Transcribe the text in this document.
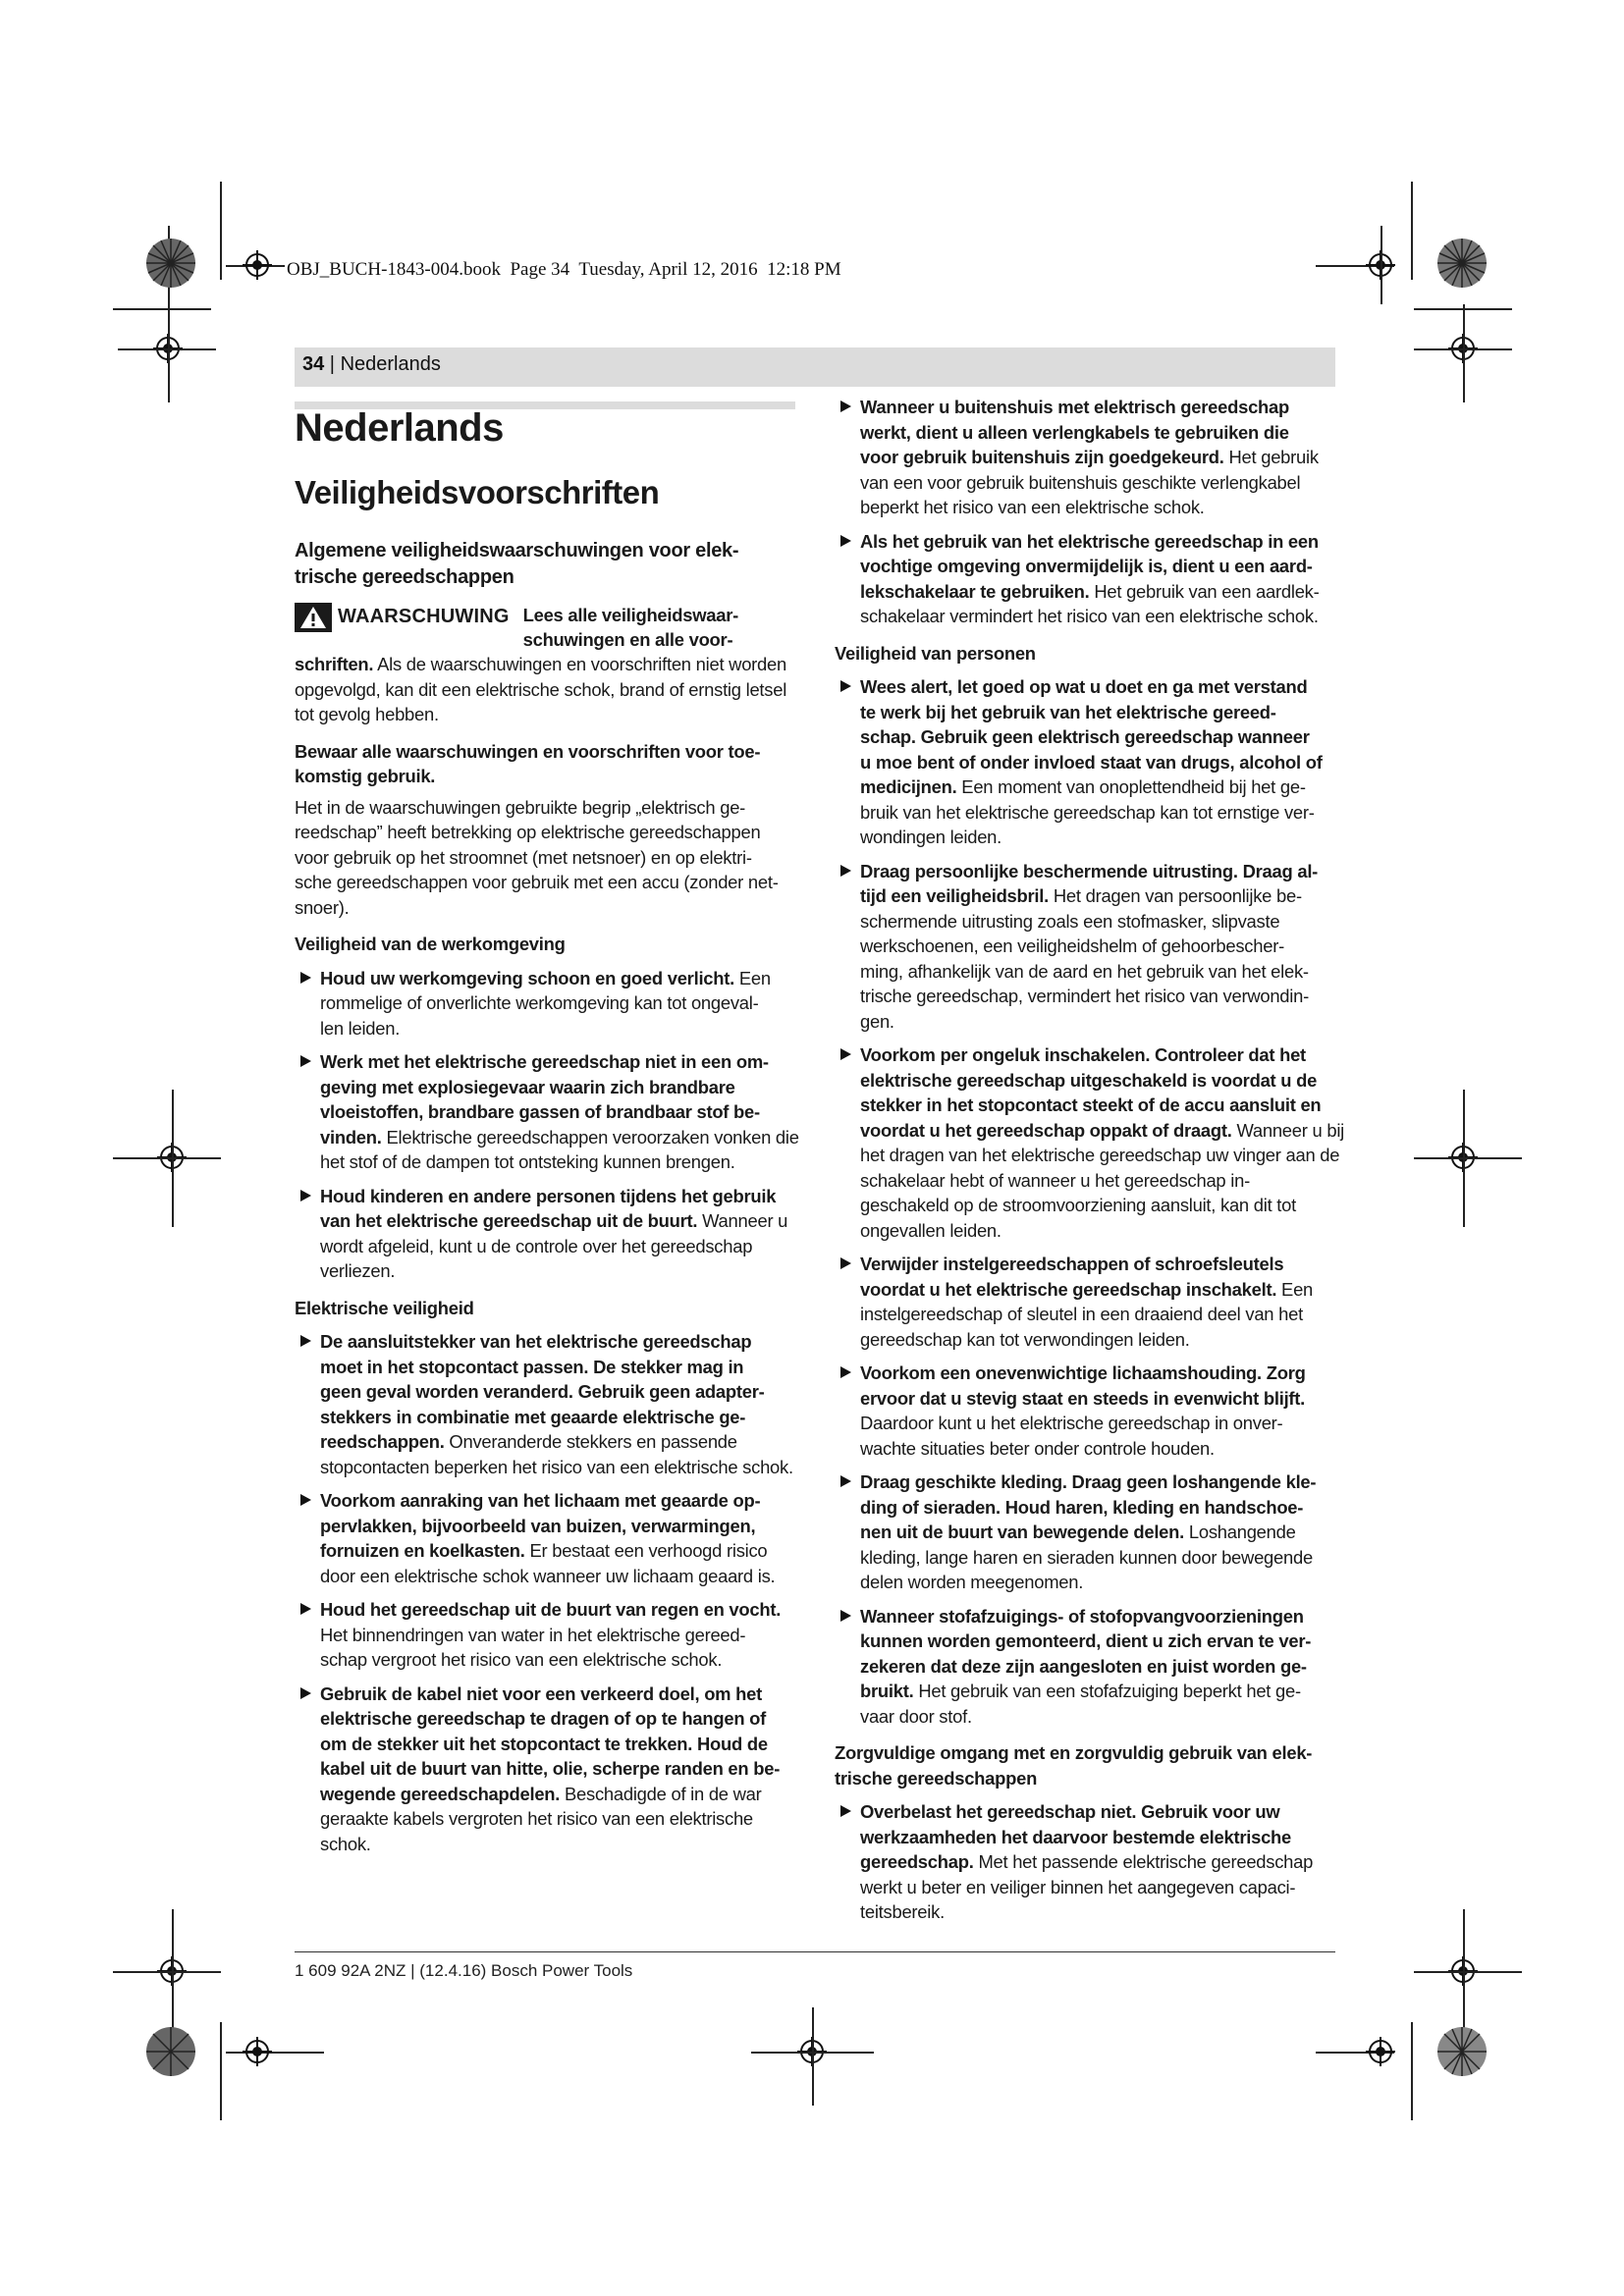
OBJ_BUCH-1843-004.book  Page 34  Tuesday, April 12, 2016  12:18 PM
34 | Nederlands
Nederlands
Veiligheidsvoorschriften
Algemene veiligheidswaarschuwingen voor elek-
trische gereedschappen
WAARSCHUWING Lees alle veiligheidswaar-
schuwingen en alle voor-
schriften. Als de waarschuwingen en voorschriften niet worden opgevolgd, kan dit een elektrische schok, brand of ernstig letsel tot gevolg hebben.
Bewaar alle waarschuwingen en voorschriften voor toe-
komstig gebruik.
Het in de waarschuwingen gebruikte begrip „elektrisch ge-
reedschap” heeft betrekking op elektrische gereedschappen
voor gebruik op het stroomnet (met netsnoer) en op elektri-
sche gereedschappen voor gebruik met een accu (zonder net-
snoer).
Veiligheid van de werkomgeving
Houd uw werkomgeving schoon en goed verlicht. Een rommelige of onverlichte werkomgeving kan tot ongeval-
len leiden.
Werk met het elektrische gereedschap niet in een om-
geving met explosiegevaar waarin zich brandbare
vloeistoffen, brandbare gassen of brandbaar stof be-
vinden. Elektrische gereedschappen veroorzaken vonken die het stof of de dampen tot ontsteking kunnen brengen.
Houd kinderen en andere personen tijdens het gebruik
van het elektrische gereedschap uit de buurt. Wanneer u wordt afgeleid, kunt u de controle over het gereedschap verliezen.
Elektrische veiligheid
De aansluitstekker van het elektrische gereedschap
moet in het stopcontact passen. De stekker mag in
geen geval worden veranderd. Gebruik geen adapter-
stekkers in combinatie met geaarde elektrische ge-
reedschappen. Onveranderde stekkers en passende stopcontacten beperken het risico van een elektrische schok.
Voorkom aanraking van het lichaam met geaarde op-
pervlakken, bijvoorbeeld van buizen, verwarmingen,
fornuizen en koelkasten. Er bestaat een verhoogd risico door een elektrische schok wanneer uw lichaam geaard is.
Houd het gereedschap uit de buurt van regen en vocht.
Het binnendringen van water in het elektrische gereed-
schap vergroot het risico van een elektrische schok.
Gebruik de kabel niet voor een verkeerd doel, om het
elektrische gereedschap te dragen of op te hangen of
om de stekker uit het stopcontact te trekken. Houd de
kabel uit de buurt van hitte, olie, scherpe randen en be-
wegende gereedschapdelen. Beschadigde of in de war geraakte kabels vergroten het risico van een elektrische schok.
Wanneer u buitenshuis met elektrisch gereedschap
werkt, dient u alleen verlengkabels te gebruiken die
voor gebruik buitenshuis zijn goedgekeurd. Het gebruik van een voor gebruik buitenshuis geschikte verlengkabel beperkt het risico van een elektrische schok.
Als het gebruik van het elektrische gereedschap in een
vochtige omgeving onvermijdelijk is, dient u een aard-
lekschakelaar te gebruiken. Het gebruik van een aardlek-
schakelaar vermindert het risico van een elektrische schok.
Veiligheid van personen
Wees alert, let goed op wat u doet en ga met verstand
te werk bij het gebruik van het elektrische gereed-
schap. Gebruik geen elektrisch gereedschap wanneer
u moe bent of onder invloed staat van drugs, alcohol of
medicijnen. Een moment van onoplettendheid bij het ge-
bruik van het elektrische gereedschap kan tot ernstige ver-
wondingen leiden.
Draag persoonlijke beschermende uitrusting. Draag al-
tijd een veiligheidsbril. Het dragen van persoonlijke be-
schermende uitrusting zoals een stofmasker, slipvaste
werkschoenen, een veiligheidshelm of gehoorbescher-
ming, afhankelijk van de aard en het gebruik van het elek-
trische gereedschap, vermindert het risico van verwondin-
gen.
Voorkom per ongeluk inschakelen. Controleer dat het
elektrische gereedschap uitgeschakeld is voordat u de
stekker in het stopcontact steekt of de accu aansluit en
voordat u het gereedschap oppakt of draagt. Wanneer u bij het dragen van het elektrische gereedschap uw vinger aan de schakelaar hebt of wanneer u het gereedschap in-
geschakeld op de stroomvoorziening aansluit, kan dit tot ongevallen leiden.
Verwijder instelgereedschappen of schroefsleutels
voordat u het elektrische gereedschap inschakelt. Een instelgereedschap of sleutel in een draaiend deel van het gereedschap kan tot verwondingen leiden.
Voorkom een onevenwichtige lichaamshouding. Zorg
ervoor dat u stevig staat en steeds in evenwicht blijft.
Daardoor kunt u het elektrische gereedschap in onver-
wachte situaties beter onder controle houden.
Draag geschikte kleding. Draag geen loshangende kle-
ding of sieraden. Houd haren, kleding en handschoe-
nen uit de buurt van bewegende delen. Loshangende kleding, lange haren en sieraden kunnen door bewegende delen worden meegenomen.
Wanneer stofafzuigings- of stofopvangvoorzieningen
kunnen worden gemonteerd, dient u zich ervan te ver-
zekeren dat deze zijn aangesloten en juist worden ge-
bruikt. Het gebruik van een stofafzuiging beperkt het ge-
vaar door stof.
Zorgvuldige omgang met en zorgvuldig gebruik van elek-
trische gereedschappen
Overbelast het gereedschap niet. Gebruik voor uw
werkzaamheden het daarvoor bestemde elektrische
gereedschap. Met het passende elektrische gereedschap werkt u beter en veiliger binnen het aangegeven capaci-
teitsbereik.
1 609 92A 2NZ | (12.4.16) Bosch Power Tools
